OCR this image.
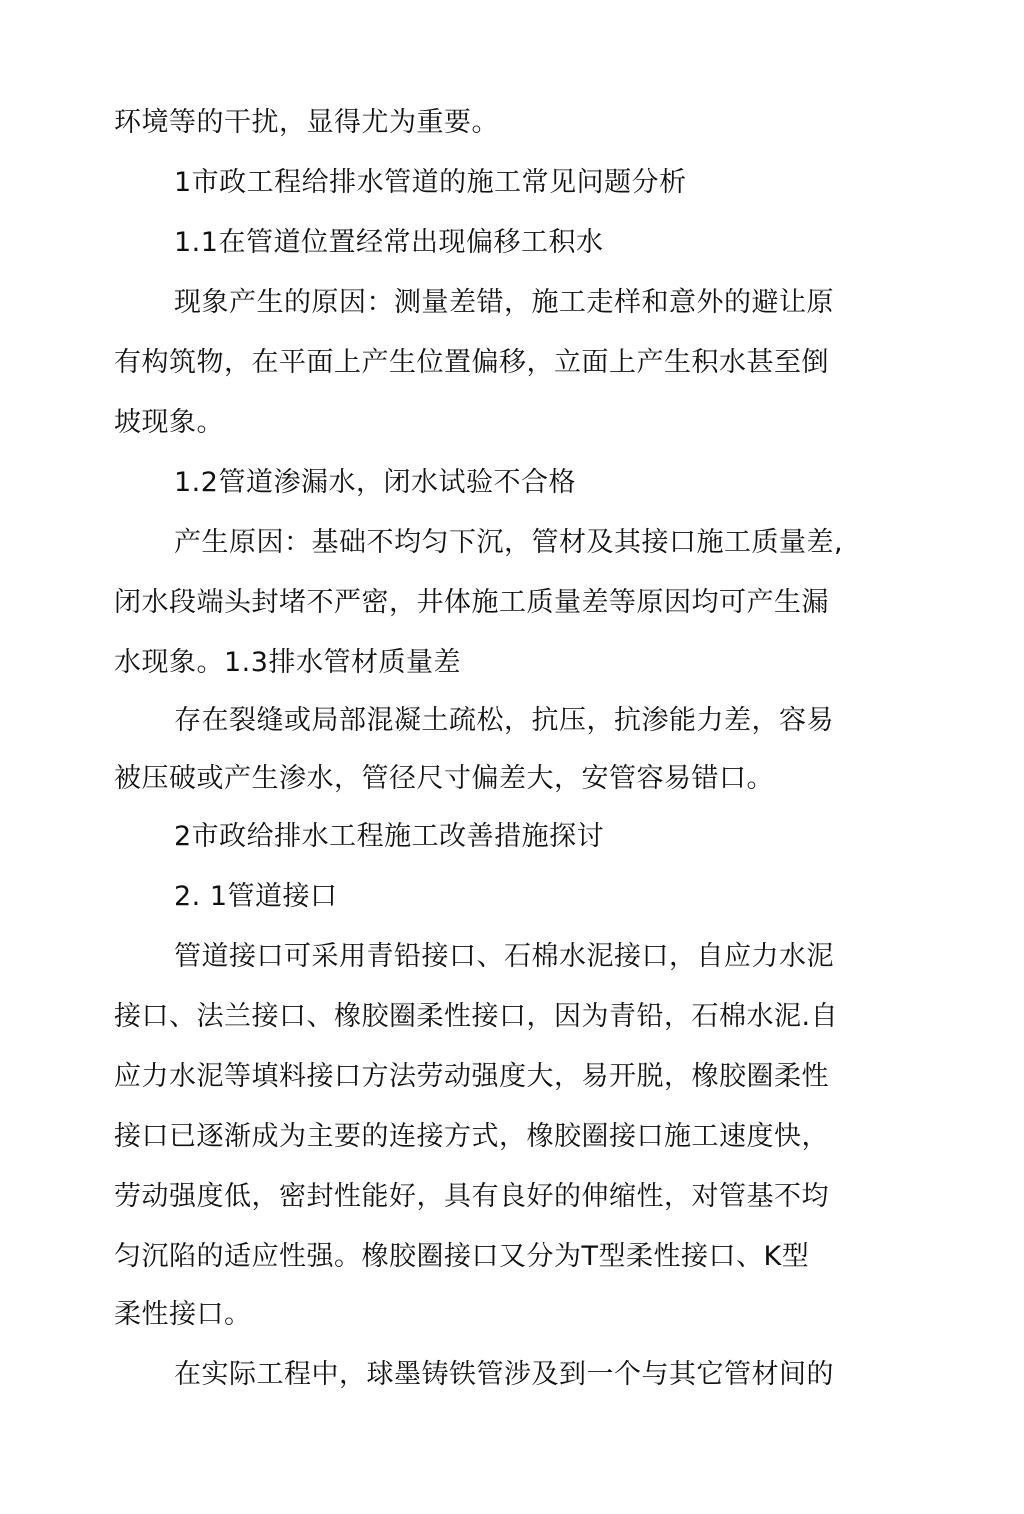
环境等的干扰，显得尤为重要。
1市政工程给排水管道的施工常见问题分析
1.1在管道位置经常出现偏移工积水
现象产生的原因：测量差错，施工走样和意外的避让原
有构筑物，在平面上产生位置偏移，立面上产生积水甚至倒
坡现象。
1.2管道渗漏水，闭水试验不合格
产生原因：基础不均匀下沉，管材及其接口施工质量差,
闭水段端头封堵不严密，井体施工质量差等原因均可产生漏
水现象。1.3排水管材质量差
存在裂缝或局部混凝土疏松，抗压，抗渗能力差，容易
被压破或产生渗水，管径尺寸偏差大，安管容易错口。
2市政给排水工程施工改善措施探讨
2. 1管道接口
管道接口可采用青铅接口、石棉水泥接口，自应力水泥
接口、法兰接口、橡胶圈柔性接口，因为青铅，石棉水泥.自
应力水泥等填料接口方法劳动强度大，易开脱，橡胶圈柔性
接口已逐渐成为主要的连接方式，橡胶圈接口施工速度快，
劳动强度低，密封性能好，具有良好的伸缩性，对管基不均
匀沉陷的适应性强。橡胶圈接口又分为T型柔性接口、K型
柔性接口。
在实际工程中，球墨铸铁管涉及到一个与其它管材间的
